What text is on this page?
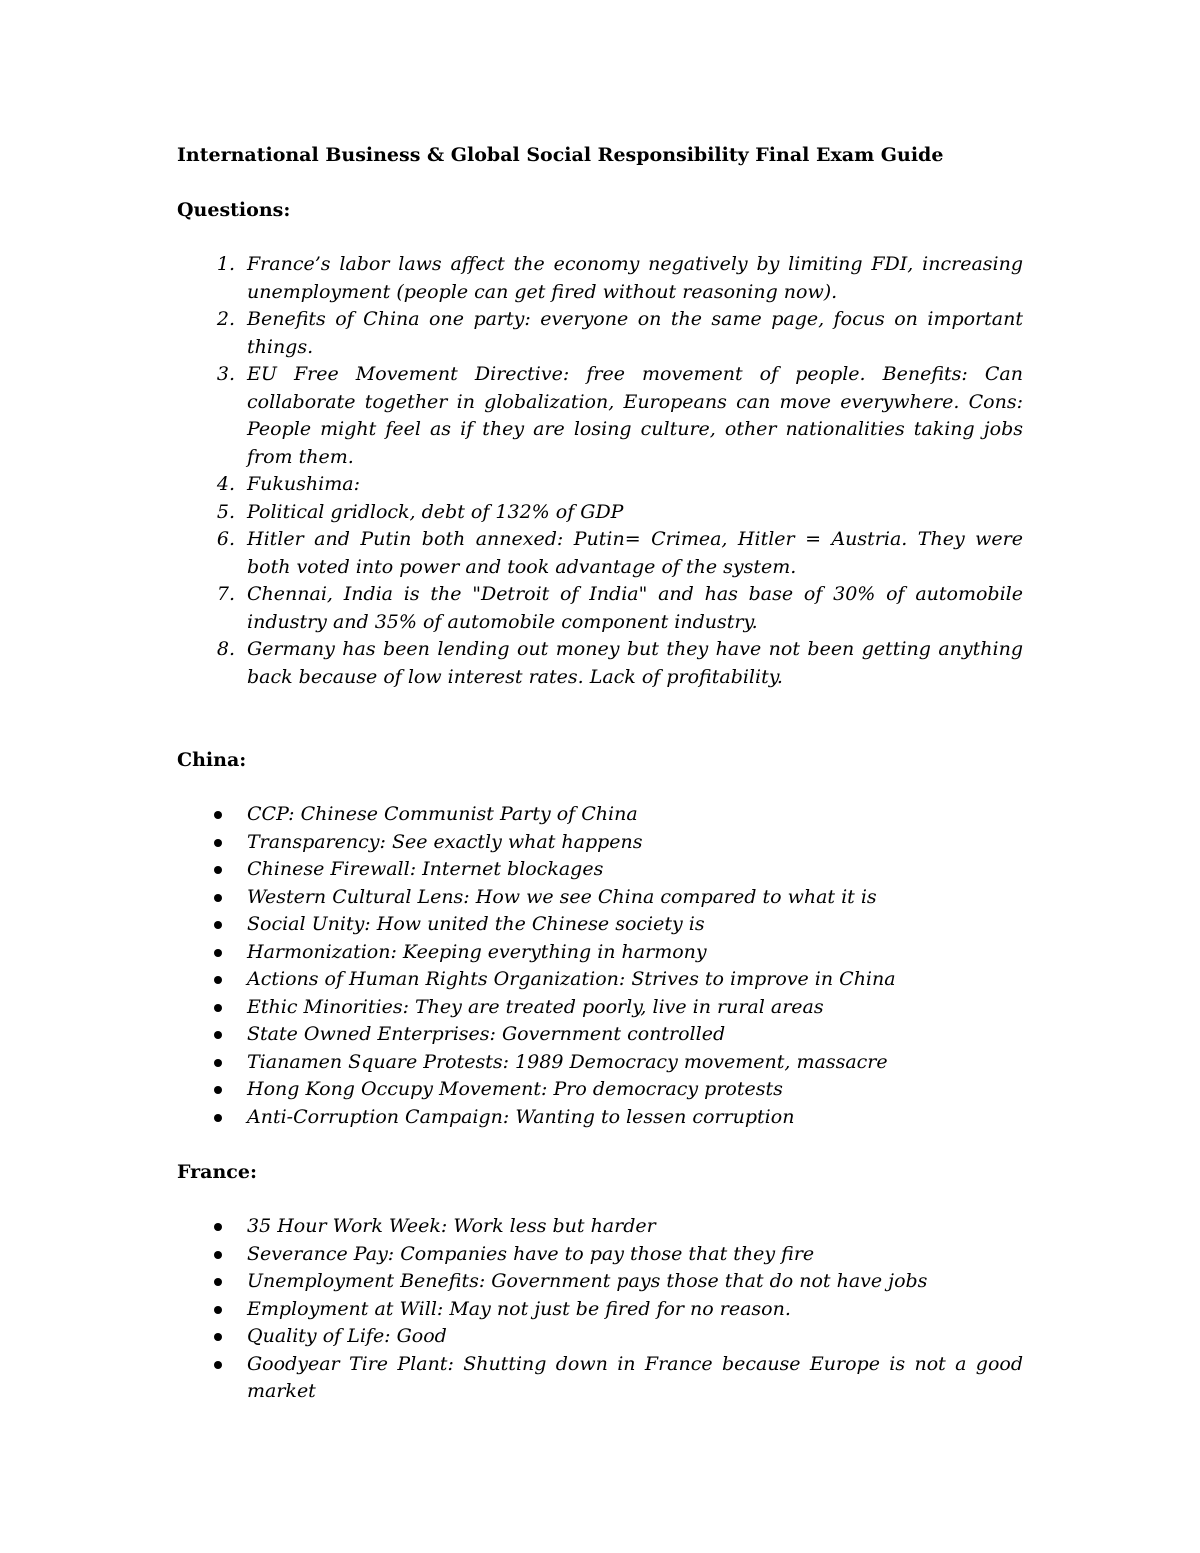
International Business & Global Social Responsibility Final Exam Guide
Questions:
1. France’s labor laws affect the economy negatively by limiting FDI, increasing unemployment (people can get fired without reasoning now).
2. Benefits of China one party: everyone on the same page, focus on important things.
3. EU Free Movement Directive: free movement of people. Benefits: Can collaborate together in globalization, Europeans can move everywhere. Cons: People might feel as if they are losing culture, other nationalities taking jobs from them.
4. Fukushima:
5. Political gridlock, debt of 132% of GDP
6. Hitler and Putin both annexed: Putin= Crimea, Hitler = Austria. They were both voted into power and took advantage of the system.
7. Chennai, India is the "Detroit of India" and has base of 30% of automobile industry and 35% of automobile component industry.
8. Germany has been lending out money but they have not been getting anything back because of low interest rates. Lack of profitability.
China:
CCP: Chinese Communist Party of China
Transparency: See exactly what happens
Chinese Firewall: Internet blockages
Western Cultural Lens: How we see China compared to what it is
Social Unity: How united the Chinese society is
Harmonization: Keeping everything in harmony
Actions of Human Rights Organization: Strives to improve in China
Ethic Minorities: They are treated poorly, live in rural areas
State Owned Enterprises: Government controlled
Tianamen Square Protests: 1989 Democracy movement, massacre
Hong Kong Occupy Movement: Pro democracy protests
Anti-Corruption Campaign: Wanting to lessen corruption
France:
35 Hour Work Week: Work less but harder
Severance Pay: Companies have to pay those that they fire
Unemployment Benefits: Government pays those that do not have jobs
Employment at Will: May not just be fired for no reason.
Quality of Life: Good
Goodyear Tire Plant: Shutting down in France because Europe is not a good market
